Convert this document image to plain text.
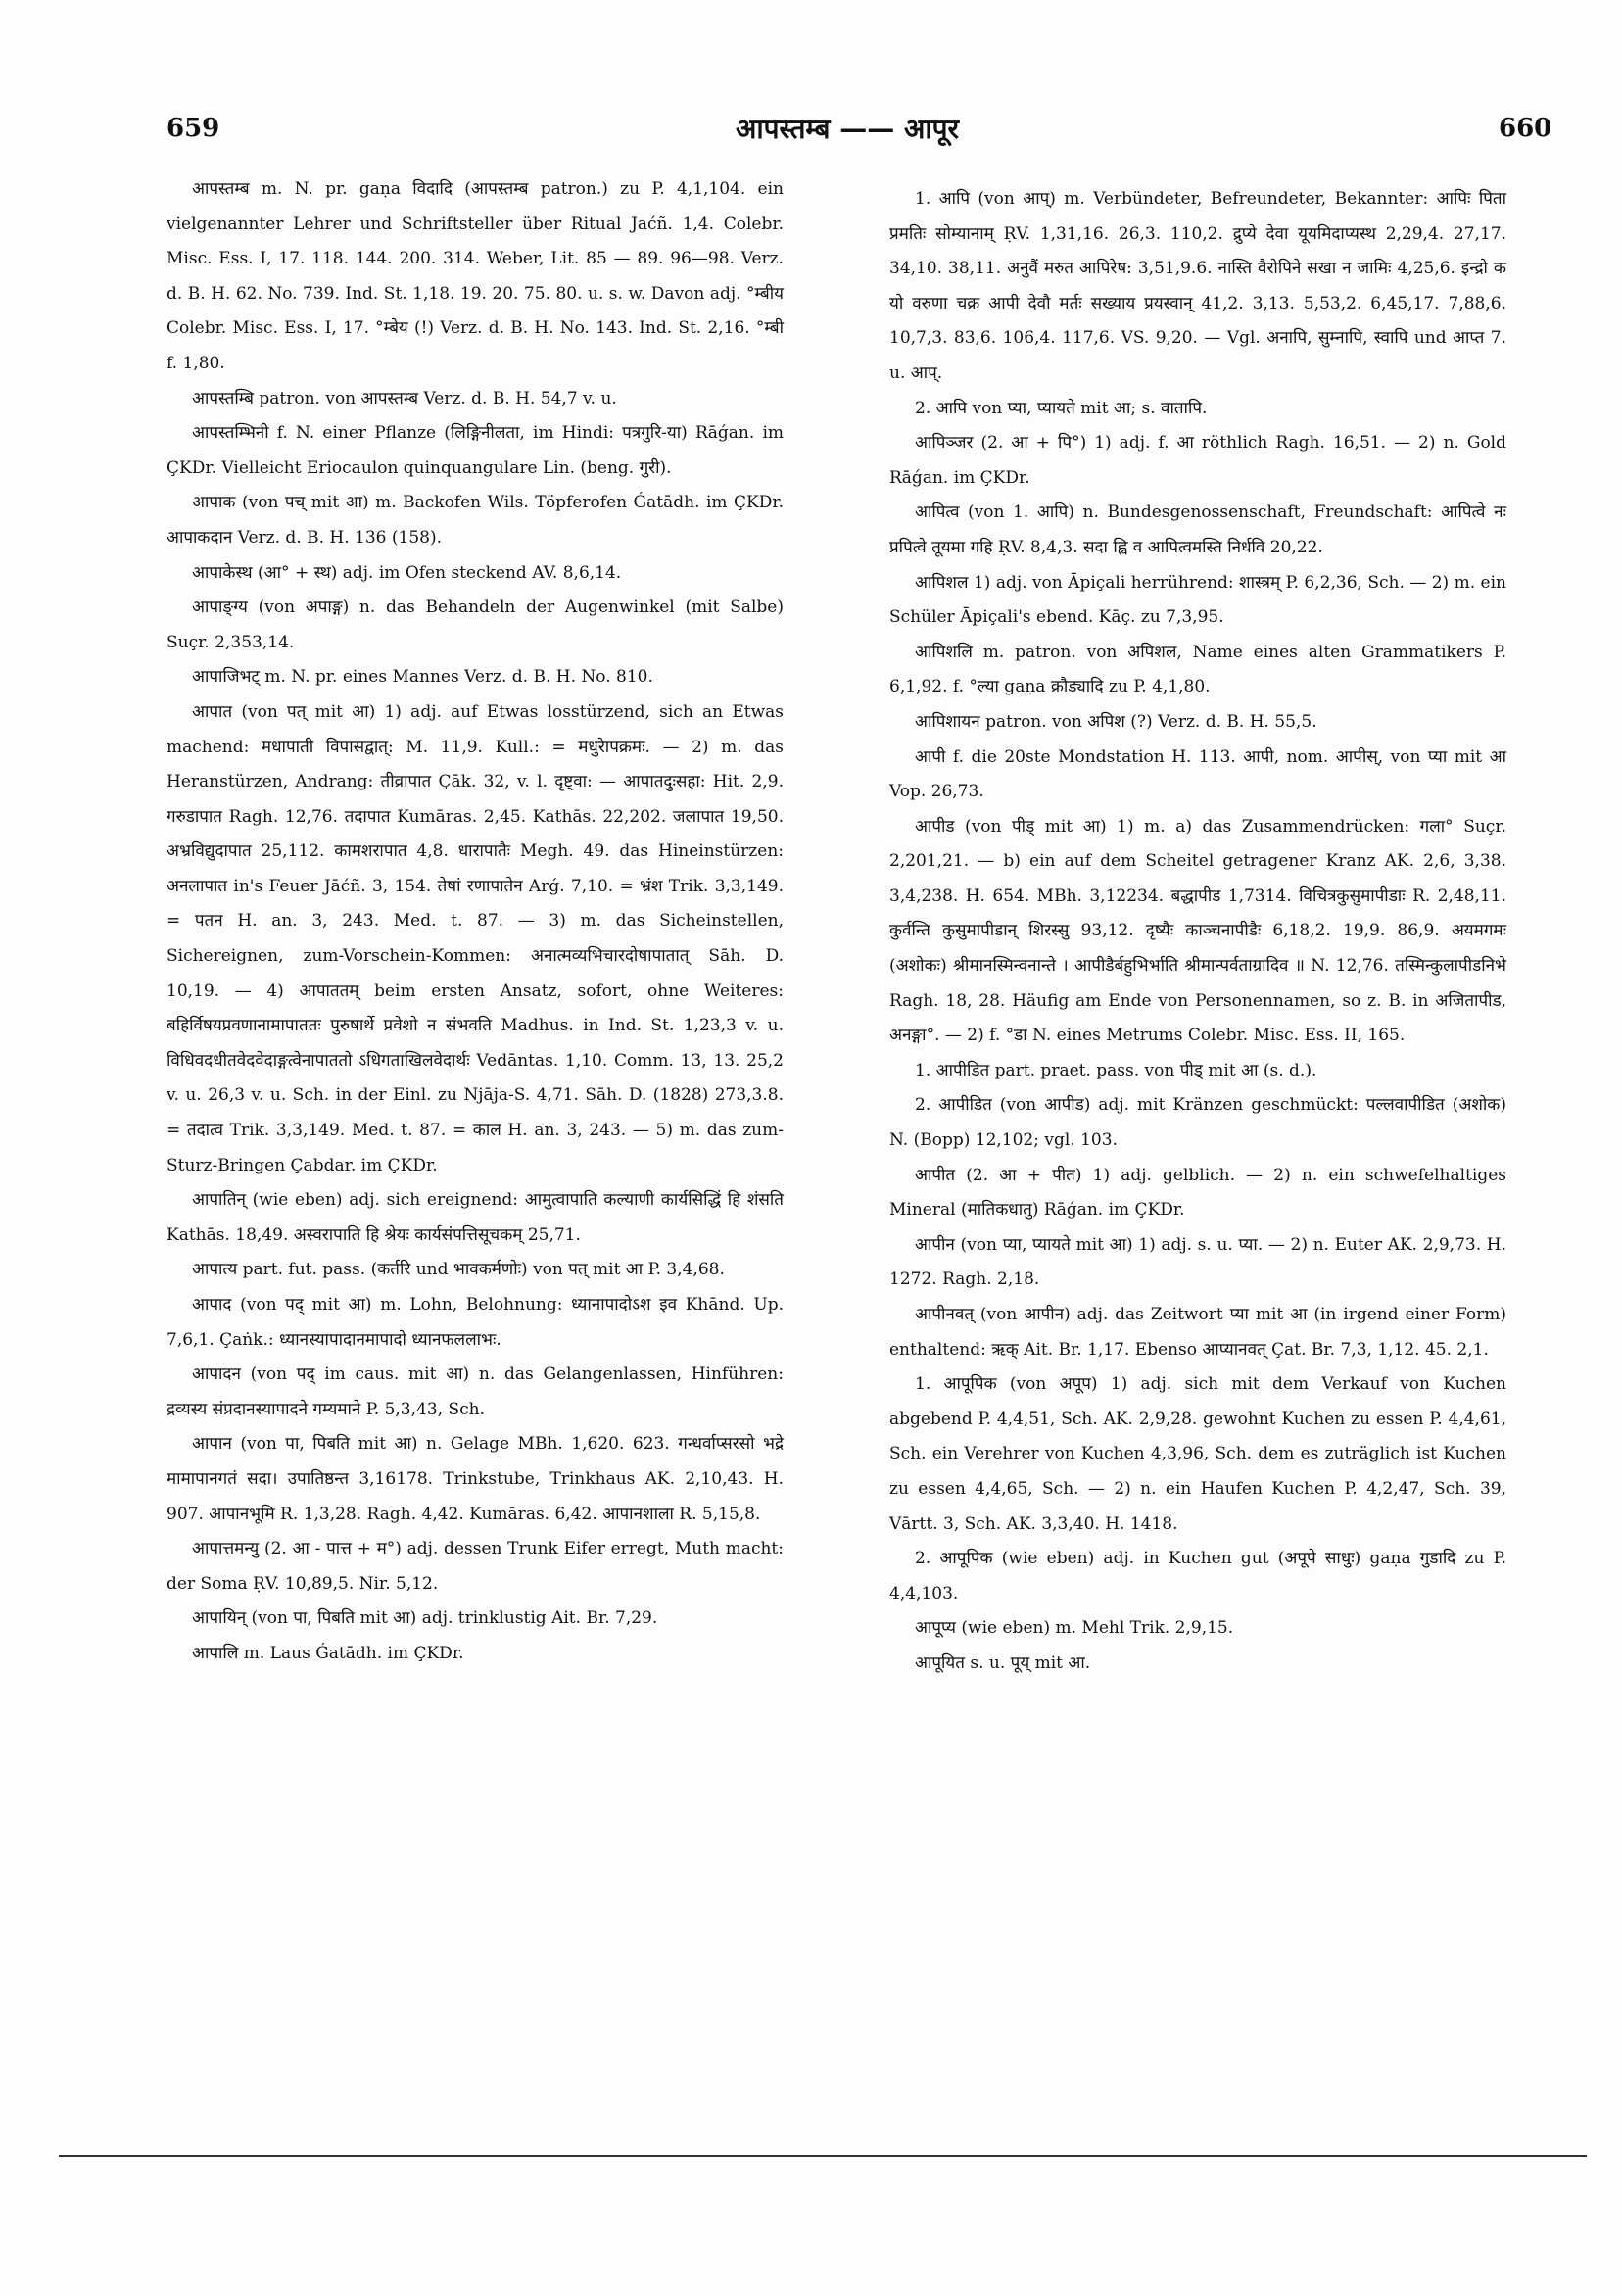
659	आपस्तम्ब —— आपूर	660

आपस्तम्ब m. N. pr. gaṇa विदादि (आपस्तम्ब patron.) zu P. 4,1,104. ein vielgenannter Lehrer und Schriftsteller über Ritual Jaćñ. 1,4. Colebr. Misc. Ess. I, 17. 118. 144. 200. 314. Weber, Lit. 85 — 89. 96—98. Verz. d. B. H. 62. No. 739. Ind. St. 1,18. 19. 20. 75. 80. u. s. w. Davon adj. °म्बीय Colebr. Misc. Ess. I, 17. °म्बेय (!) Verz. d. B. H. No. 143. Ind. St. 2,16. °म्बी f. 1,80.

आपस्तम्बि patron. von आपस्तम्ब Verz. d. B. H. 54,7 v. u.

आपस्तम्भिनी f. N. einer Pflanze (लिङ्गिनीलता, im Hindi: पत्रगुरि-या) Rāǵan. im ÇKDr. Vielleicht Eriocaulon quinquangulare Lin. (beng. गुरी).

आपाक (von पच् mit आ) m. Backofen Wils. Töpferofen Ǵatādh. im ÇKDr. आपाकदान Verz. d. B. H. 136 (158).

आपाकेस्थ (आ° + स्थ) adj. im Ofen steckend AV. 8,6,14.

आपाङ्ग्य (von अपाङ्ग) n. das Behandeln der Augenwinkel (mit Salbe) Suçr. 2,353,14.

आपाजिभट् m. N. pr. eines Mannes Verz. d. B. H. No. 810.

आपात (von पत् mit आ) 1) adj. auf Etwas losstürzend, sich an Etwas machend: मधापाती विपासद्वात्: M. 11,9. Kull.: = मधुरेापक्रमः. — 2) m. das Heranstürzen, Andrang: तीव्रापात Çāk. 32, v. l. दृष्ट्वा: — आपातदुःसहा: Hit. 2,9. गरुडापात Ragh. 12,76. तदापात Kumāras. 2,45. Kathās. 22,202. जलापात 19,50. अभ्रविद्युदापात 25,112. कामशरापात 4,8. धारापातैः Megh. 49. das Hineinstürzen: अनलापात in's Feuer Jāćñ. 3, 154. तेषां रणापातेन Arǵ. 7,10. = भ्रंश Trik. 3,3,149. = पतन H. an. 3, 243. Med. t. 87. — 3) m. das Sicheinstellen, Sichereignen, zum-Vorschein-Kommen: अनात्मव्यभिचारदोषापातात् Sāh. D. 10,19. — 4) आपाततम् beim ersten Ansatz, sofort, ohne Weiteres: बहिर्विषयप्रवणानामापाततः पुरुषार्थे प्रवेशो न संभवति Madhus. in Ind. St. 1,23,3 v. u. विधिवदधीतवेदवेदाङ्गत्वेनापाततो ऽधिगताखिलवेदार्थः Vedāntas. 1,10. Comm. 13, 13. 25,2 v. u. 26,3 v. u. Sch. in der Einl. zu Njāja-S. 4,71. Sāh. D. (1828) 273,3.8. = तदात्व Trik. 3,3,149. Med. t. 87. = काल H. an. 3, 243. — 5) m. das zum-Sturz-Bringen Çabdar. im ÇKDr.

आपातिन् (wie eben) adj. sich ereignend: आमुत्वापाति कल्याणी कार्यसिद्धिं हि शंसति Kathās. 18,49. अस्वरापाति हि श्रेयः कार्यसंपत्तिसूचकम् 25,71.

आपात्य part. fut. pass. (कर्तरि und भावकर्मणोः) von पत् mit आ P. 3,4,68.

आपाद (von पद् mit आ) m. Lohn, Belohnung: ध्यानापादोऽश इव Khānd. Up. 7,6,1. Çaṅk.: ध्यानस्यापादानमापादो ध्यानफललाभः.

आपादन (von पद् im caus. mit आ) n. das Gelangenlassen, Hinführen: द्रव्यस्य संप्रदानस्यापादने गम्यमाने P. 5,3,43, Sch.

आपान (von पा, पिबति mit आ) n. Gelage MBh. 1,620. 623. गन्धर्वाप्सरसो भद्रे मामापानगतं सदा। उपातिष्ठन्त 3,16178. Trinkstube, Trinkhaus AK. 2,10,43. H. 907. आपानभूमि R. 1,3,28. Ragh. 4,42. Kumāras. 6,42. आपानशाला R. 5,15,8.

आपात्तमन्यु (2. आ - पात्त + म°) adj. dessen Trunk Eifer erregt, Muth macht: der Soma ṚV. 10,89,5. Nir. 5,12.

आपायिन् (von पा, पिबति mit आ) adj. trinklustig Ait. Br. 7,29.

आपालि m. Laus Ǵatādh. im ÇKDr.

1. आपि (von आप्) m. Verbündeter, Befreundeter, Bekannter: आपिः पिता प्रमतिः सोम्यानाम् ṚV. 1,31,16. 26,3. 110,2. द्रुप्ये देवा यूयमिदाप्यस्थ 2,29,4. 27,17. 34,10. 38,11. अनुवैं मरुत आपिरेष: 3,51,9.6. नास्ति वैरोपिने सखा न जामिः 4,25,6. इन्द्रो क यो वरुणा चक्र आपी देवौ मर्तः सख्याय प्रयस्वान् 41,2. 3,13. 5,53,2. 6,45,17. 7,88,6. 10,7,3. 83,6. 106,4. 117,6. VS. 9,20. — Vgl. अनापि, सुम्नापि, स्वापि und आप्त 7. u. आप्.

2. आपि von प्या, प्यायते mit आ; s. वातापि.

आपिञ्जर (2. आ + पि°) 1) adj. f. आ röthlich Ragh. 16,51. — 2) n. Gold Rāǵan. im ÇKDr.

आपित्व (von 1. आपि) n. Bundesgenossenschaft, Freundschaft: आपित्वे नः प्रपित्वे तूयमा गहि ṚV. 8,4,3. सदा ह्वि व आपित्वमस्ति निर्धवि 20,22.

आपिशल 1) adj. von Āpiçali herrührend: शास्त्रम् P. 6,2,36, Sch. — 2) m. ein Schüler Āpiçali's ebend. Kāç. zu 7,3,95.

आपिशलि m. patron. von अपिशल, Name eines alten Grammatikers P. 6,1,92. f. °ल्या gaṇa क्रौड्यादि zu P. 4,1,80.

आपिशायन patron. von अपिश (?) Verz. d. B. H. 55,5.

आपी f. die 20ste Mondstation H. 113. आपी, nom. आपीस्, von प्या mit आ Vop. 26,73.

आपीड (von पीड् mit आ) 1) m. a) das Zusammendrücken: गला° Suçr. 2,201,21. — b) ein auf dem Scheitel getragener Kranz AK. 2,6, 3,38. 3,4,238. H. 654. MBh. 3,12234. बद्धापीड 1,7314. विचित्रकुसुमापीडाः R. 2,48,11. कुर्वन्ति कुसुमापीडान् शिरस्सु 93,12. दृष्यैः काञ्चनापीडैः 6,18,2. 19,9. 86,9. अयमगमः (अशोकः) श्रीमानस्मिन्वनान्ते । आपीडैर्बहुभिर्भाति श्रीमान्पर्वताग्रादिव ॥ N. 12,76. तस्मिन्कुलापीडनिभे Ragh. 18, 28. Häufig am Ende von Personennamen, so z. B. in अजितापीड, अनङ्गा°. — 2) f. °डा N. eines Metrums Colebr. Misc. Ess. II, 165.

1. आपीडित part. praet. pass. von पीड् mit आ (s. d.).

2. आपीडित (von आपीड) adj. mit Kränzen geschmückt: पल्लवापीडित (अशोक) N. (Bopp) 12,102; vgl. 103.

आपीत (2. आ + पीत) 1) adj. gelblich. — 2) n. ein schwefelhaltiges Mineral (मातिकधातु) Rāǵan. im ÇKDr.

आपीन (von प्या, प्यायते mit आ) 1) adj. s. u. प्या. — 2) n. Euter AK. 2,9,73. H. 1272. Ragh. 2,18.

आपीनवत् (von आपीन) adj. das Zeitwort प्या mit आ (in irgend einer Form) enthaltend: ऋक् Ait. Br. 1,17. Ebenso आप्यानवत् Çat. Br. 7,3, 1,12. 45. 2,1.

1. आपूपिक (von अपूप) 1) adj. sich mit dem Verkauf von Kuchen abgebend P. 4,4,51, Sch. AK. 2,9,28. gewohnt Kuchen zu essen P. 4,4,61, Sch. ein Verehrer von Kuchen 4,3,96, Sch. dem es zuträglich ist Kuchen zu essen 4,4,65, Sch. — 2) n. ein Haufen Kuchen P. 4,2,47, Sch. 39, Vārtt. 3, Sch. AK. 3,3,40. H. 1418.

2. आपूपिक (wie eben) adj. in Kuchen gut (अपूपे साधुः) gaṇa गुडादि zu P. 4,4,103.

आपूप्य (wie eben) m. Mehl Trik. 2,9,15.

आपूयित s. u. पूय् mit आ.
